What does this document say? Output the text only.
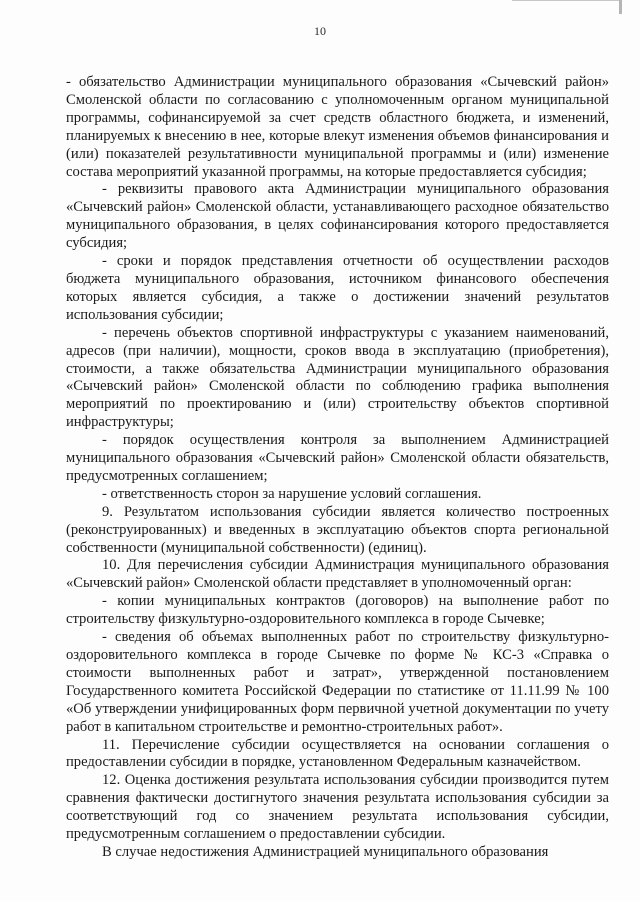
10

- обязательство Администрации муниципального образования «Сычевский район» Смоленской области по согласованию с уполномоченным органом муниципальной программы, софинансируемой за счет средств областного бюджета, и изменений, планируемых к внесению в нее, которые влекут изменения объемов финансирования и (или) показателей результативности муниципальной программы и (или) изменение состава мероприятий указанной программы, на которые предоставляется субсидия;

- реквизиты правового акта Администрации муниципального образования «Сычевский район» Смоленской области, устанавливающего расходное обязательство муниципального образования, в целях софинансирования которого предоставляется субсидия;

- сроки и порядок представления отчетности об осуществлении расходов бюджета муниципального образования, источником финансового обеспечения которых является субсидия, а также о достижении значений результатов использования субсидии;

- перечень объектов спортивной инфраструктуры с указанием наименований, адресов (при наличии), мощности, сроков ввода в эксплуатацию (приобретения), стоимости, а также обязательства Администрации муниципального образования «Сычевский район» Смоленской области по соблюдению графика выполнения мероприятий по проектированию и (или) строительству объектов спортивной инфраструктуры;

- порядок осуществления контроля за выполнением Администрацией муниципального образования «Сычевский район» Смоленской области обязательств, предусмотренных соглашением;

- ответственность сторон за нарушение условий соглашения.

9. Результатом использования субсидии является количество построенных (реконструированных) и введенных в эксплуатацию объектов спорта региональной собственности (муниципальной собственности) (единиц).

10. Для перечисления субсидии Администрация муниципального образования «Сычевский район» Смоленской области представляет в уполномоченный орган:

- копии муниципальных контрактов (договоров) на выполнение работ по строительству физкультурно-оздоровительного комплекса в городе Сычевке;

- сведения об объемах выполненных работ по строительству физкультурно-оздоровительного комплекса в городе Сычевке по форме № КС-3 «Справка о стоимости выполненных работ и затрат», утвержденной постановлением Государственного комитета Российской Федерации по статистике от 11.11.99 № 100 «Об утверждении унифицированных форм первичной учетной документации по учету работ в капитальном строительстве и ремонтно-строительных работ».

11. Перечисление субсидии осуществляется на основании соглашения о предоставлении субсидии в порядке, установленном Федеральным казначейством.

12. Оценка достижения результата использования субсидии производится путем сравнения фактически достигнутого значения результата использования субсидии за соответствующий год со значением результата использования субсидии, предусмотренным соглашением о предоставлении субсидии.

В случае недостижения Администрацией муниципального образования
